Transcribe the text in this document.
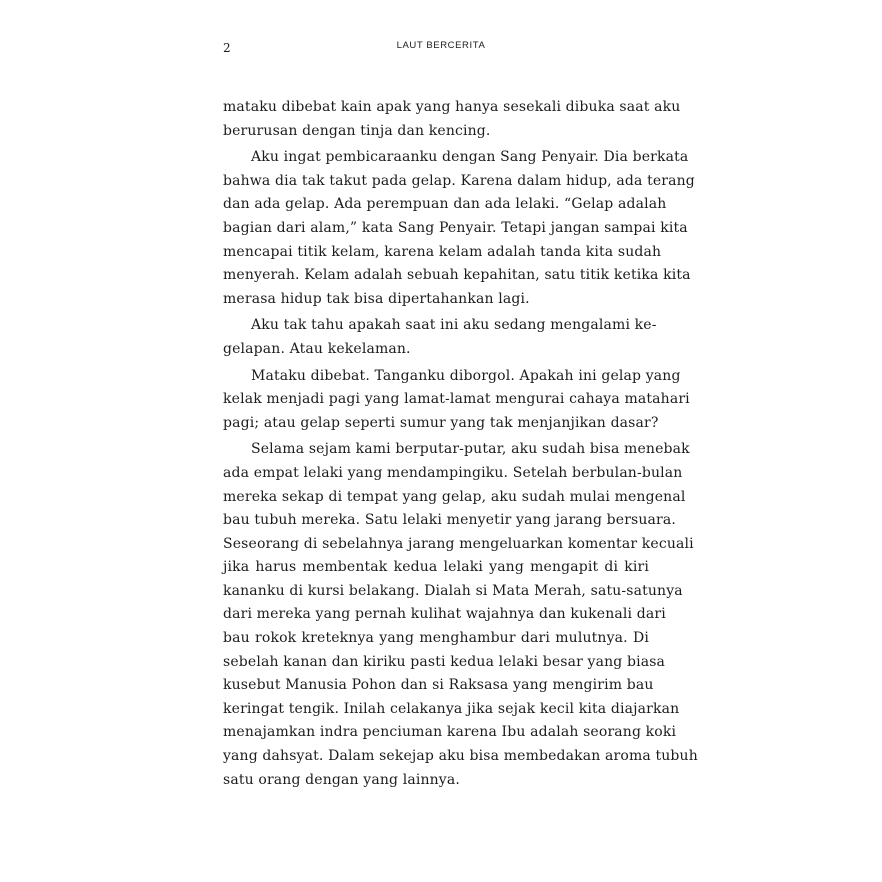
2	LAUT BERCERITA

mataku dibebat kain apak yang hanya sesekali dibuka saat aku
berurusan dengan tinja dan kencing.

Aku ingat pembicaraanku dengan Sang Penyair. Dia berkata
bahwa dia tak takut pada gelap. Karena dalam hidup, ada terang
dan ada gelap. Ada perempuan dan ada lelaki. “Gelap adalah
bagian dari alam,” kata Sang Penyair. Tetapi jangan sampai kita
mencapai titik kelam, karena kelam adalah tanda kita sudah
menyerah. Kelam adalah sebuah kepahitan, satu titik ketika kita
merasa hidup tak bisa dipertahankan lagi.

Aku tak tahu apakah saat ini aku sedang mengalami ke-
gelapan. Atau kekelaman.

Mataku dibebat. Tanganku diborgol. Apakah ini gelap yang
kelak menjadi pagi yang lamat-lamat mengurai cahaya matahari
pagi; atau gelap seperti sumur yang tak menjanjikan dasar?

Selama sejam kami berputar-putar, aku sudah bisa menebak
ada empat lelaki yang mendampingiku. Setelah berbulan-bulan
mereka sekap di tempat yang gelap, aku sudah mulai mengenal
bau tubuh mereka. Satu lelaki menyetir yang jarang bersuara.
Seseorang di sebelahnya jarang mengeluarkan komentar kecuali
jika harus membentak kedua lelaki yang mengapit di kiri
kananku di kursi belakang. Dialah si Mata Merah, satu-satunya
dari mereka yang pernah kulihat wajahnya dan kukenali dari
bau rokok kreteknya yang menghambur dari mulutnya. Di
sebelah kanan dan kiriku pasti kedua lelaki besar yang biasa
kusebut Manusia Pohon dan si Raksasa yang mengirim bau
keringat tengik. Inilah celakanya jika sejak kecil kita diajarkan
menajamkan indra penciuman karena Ibu adalah seorang koki
yang dahsyat. Dalam sekejap aku bisa membedakan aroma tubuh
satu orang dengan yang lainnya.
